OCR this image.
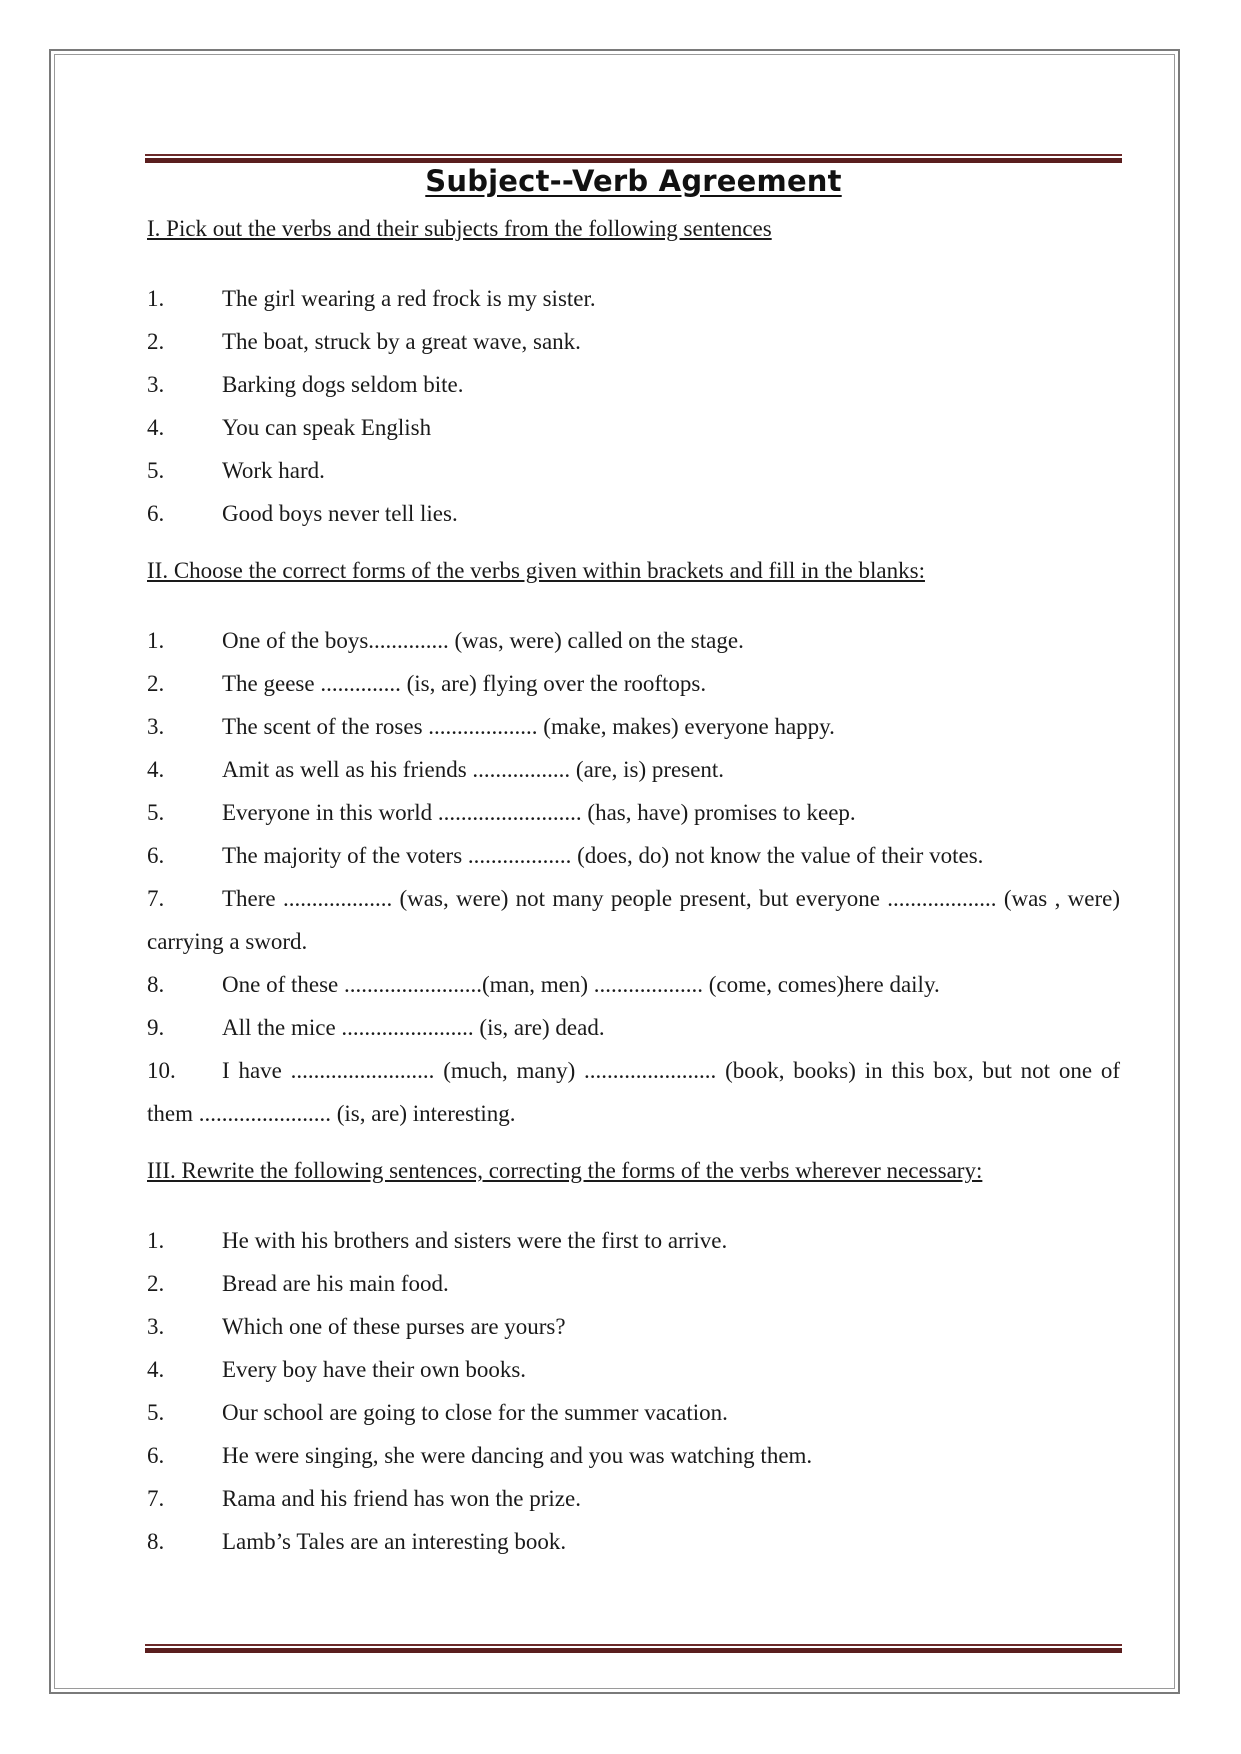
Subject--Verb Agreement
I. Pick out the verbs and their subjects from the following sentences
1.	The girl wearing a red frock is my sister.
2.	The boat, struck by a great wave, sank.
3.	Barking dogs seldom bite.
4.	You can speak English
5.	Work hard.
6.	Good boys never tell lies.
II. Choose the correct forms of the verbs given within brackets and fill in the blanks:
1.	One of the boys.............. (was, were) called on the stage.
2.	The geese .............. (is, are) flying over the rooftops.
3.	The scent of the roses ................... (make, makes) everyone happy.
4.	Amit as well as his friends ................. (are, is) present.
5.	Everyone in this world ......................... (has, have) promises to keep.
6.	The majority of the voters .................. (does, do) not know the value of their votes.
7.	There ................... (was, were) not many people present, but everyone ................... (was , were) carrying a sword.
8.	One of these ........................(man, men) ................... (come, comes)here daily.
9.	All the mice ....................... (is, are) dead.
10. I have ......................... (much, many) ....................... (book, books) in this box, but not one of them ....................... (is, are) interesting.
III. Rewrite the following sentences, correcting the forms of the verbs wherever necessary:
1.	He with his brothers and sisters were the first to arrive.
2.	Bread are his main food.
3.	Which one of these purses are yours?
4.	Every boy have their own books.
5.	Our school are going to close for the summer vacation.
6.	He were singing, she were dancing and you was watching them.
7.	Rama and his friend has won the prize.
8.	Lamb’s Tales are an interesting book.
